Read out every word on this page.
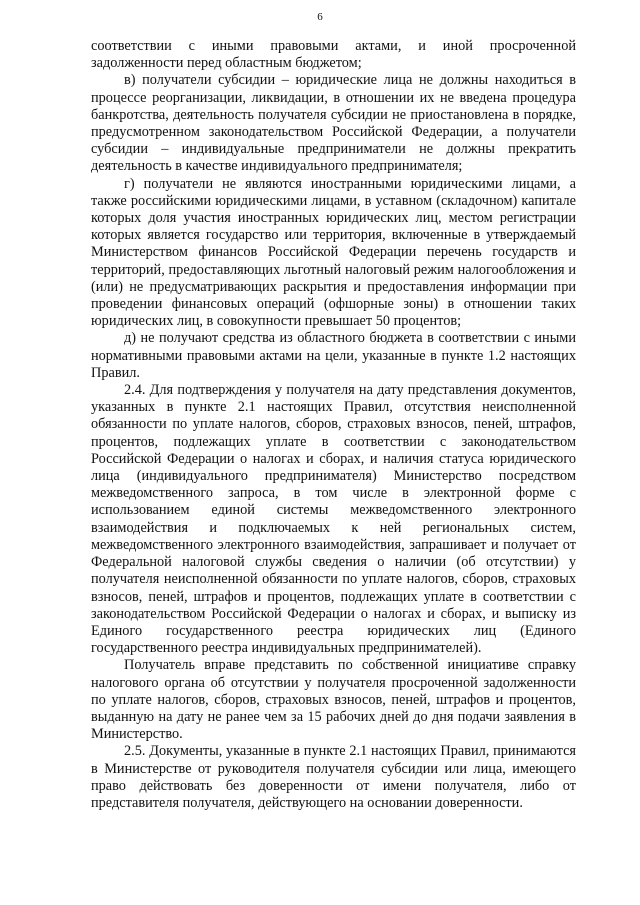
6

соответствии с иными правовыми актами, и иной просроченной задолженности перед областным бюджетом;

в) получатели субсидии – юридические лица не должны находиться в процессе реорганизации, ликвидации, в отношении их не введена процедура банкротства, деятельность получателя субсидии не приостановлена в порядке, предусмотренном законодательством Российской Федерации, а получатели субсидии – индивидуальные предприниматели не должны прекратить деятельность в качестве индивидуального предпринимателя;

г) получатели не являются иностранными юридическими лицами, а также российскими юридическими лицами, в уставном (складочном) капитале которых доля участия иностранных юридических лиц, местом регистрации которых является государство или территория, включенные в утверждаемый Министерством финансов Российской Федерации перечень государств и территорий, предоставляющих льготный налоговый режим налогообложения и (или) не предусматривающих раскрытия и предоставления информации при проведении финансовых операций (офшорные зоны) в отношении таких юридических лиц, в совокупности превышает 50 процентов;

д) не получают средства из областного бюджета в соответствии с иными нормативными правовыми актами на цели, указанные в пункте 1.2 настоящих Правил.

2.4. Для подтверждения у получателя на дату представления документов, указанных в пункте 2.1 настоящих Правил, отсутствия неисполненной обязанности по уплате налогов, сборов, страховых взносов, пеней, штрафов, процентов, подлежащих уплате в соответствии с законодательством Российской Федерации о налогах и сборах, и наличия статуса юридического лица (индивидуального предпринимателя) Министерство посредством межведомственного запроса, в том числе в электронной форме с использованием единой системы межведомственного электронного взаимодействия и подключаемых к ней региональных систем, межведомственного электронного взаимодействия, запрашивает и получает от Федеральной налоговой службы сведения о наличии (об отсутствии) у получателя неисполненной обязанности по уплате налогов, сборов, страховых взносов, пеней, штрафов и процентов, подлежащих уплате в соответствии с законодательством Российской Федерации о налогах и сборах, и выписку из Единого государственного реестра юридических лиц (Единого государственного реестра индивидуальных предпринимателей).

Получатель вправе представить по собственной инициативе справку налогового органа об отсутствии у получателя просроченной задолженности по уплате налогов, сборов, страховых взносов, пеней, штрафов и процентов, выданную на дату не ранее чем за 15 рабочих дней до дня подачи заявления в Министерство.

2.5. Документы, указанные в пункте 2.1 настоящих Правил, принимаются в Министерстве от руководителя получателя субсидии или лица, имеющего право действовать без доверенности от имени получателя, либо от представителя получателя, действующего на основании доверенности.
